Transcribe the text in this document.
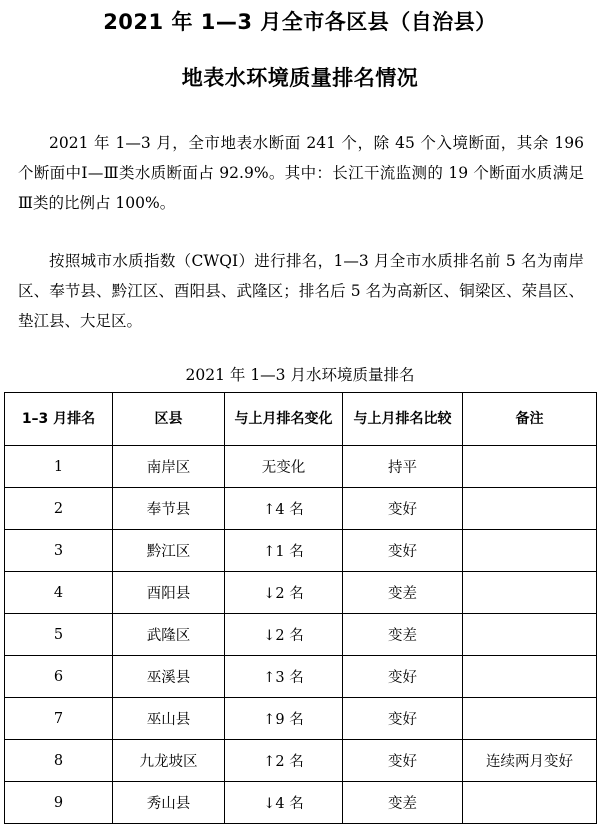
2021 年 1—3 月全市各区县（自治县）
地表水环境质量排名情况

2021 年 1—3 月，全市地表水断面 241 个，除 45 个入境断面，其余 196 个断面中Ⅰ—Ⅲ类水质断面占 92.9%。其中：长江干流监测的 19 个断面水质满足Ⅲ类的比例占 100%。

按照城市水质指数（CWQI）进行排名，1—3 月全市水质排名前 5 名为南岸区、奉节县、黔江区、酉阳县、武隆区；排名后 5 名为高新区、铜梁区、荣昌区、垫江县、大足区。

2021 年 1—3 月水环境质量排名
1–3 月排名	区县	与上月排名变化	与上月排名比较	备注
1	南岸区	无变化	持平	
2	奉节县	↑4 名	变好	
3	黔江区	↑1 名	变好	
4	酉阳县	↓2 名	变差	
5	武隆区	↓2 名	变差	
6	巫溪县	↑3 名	变好	
7	巫山县	↑9 名	变好	
8	九龙坡区	↑2 名	变好	连续两月变好
9	秀山县	↓4 名	变差	
